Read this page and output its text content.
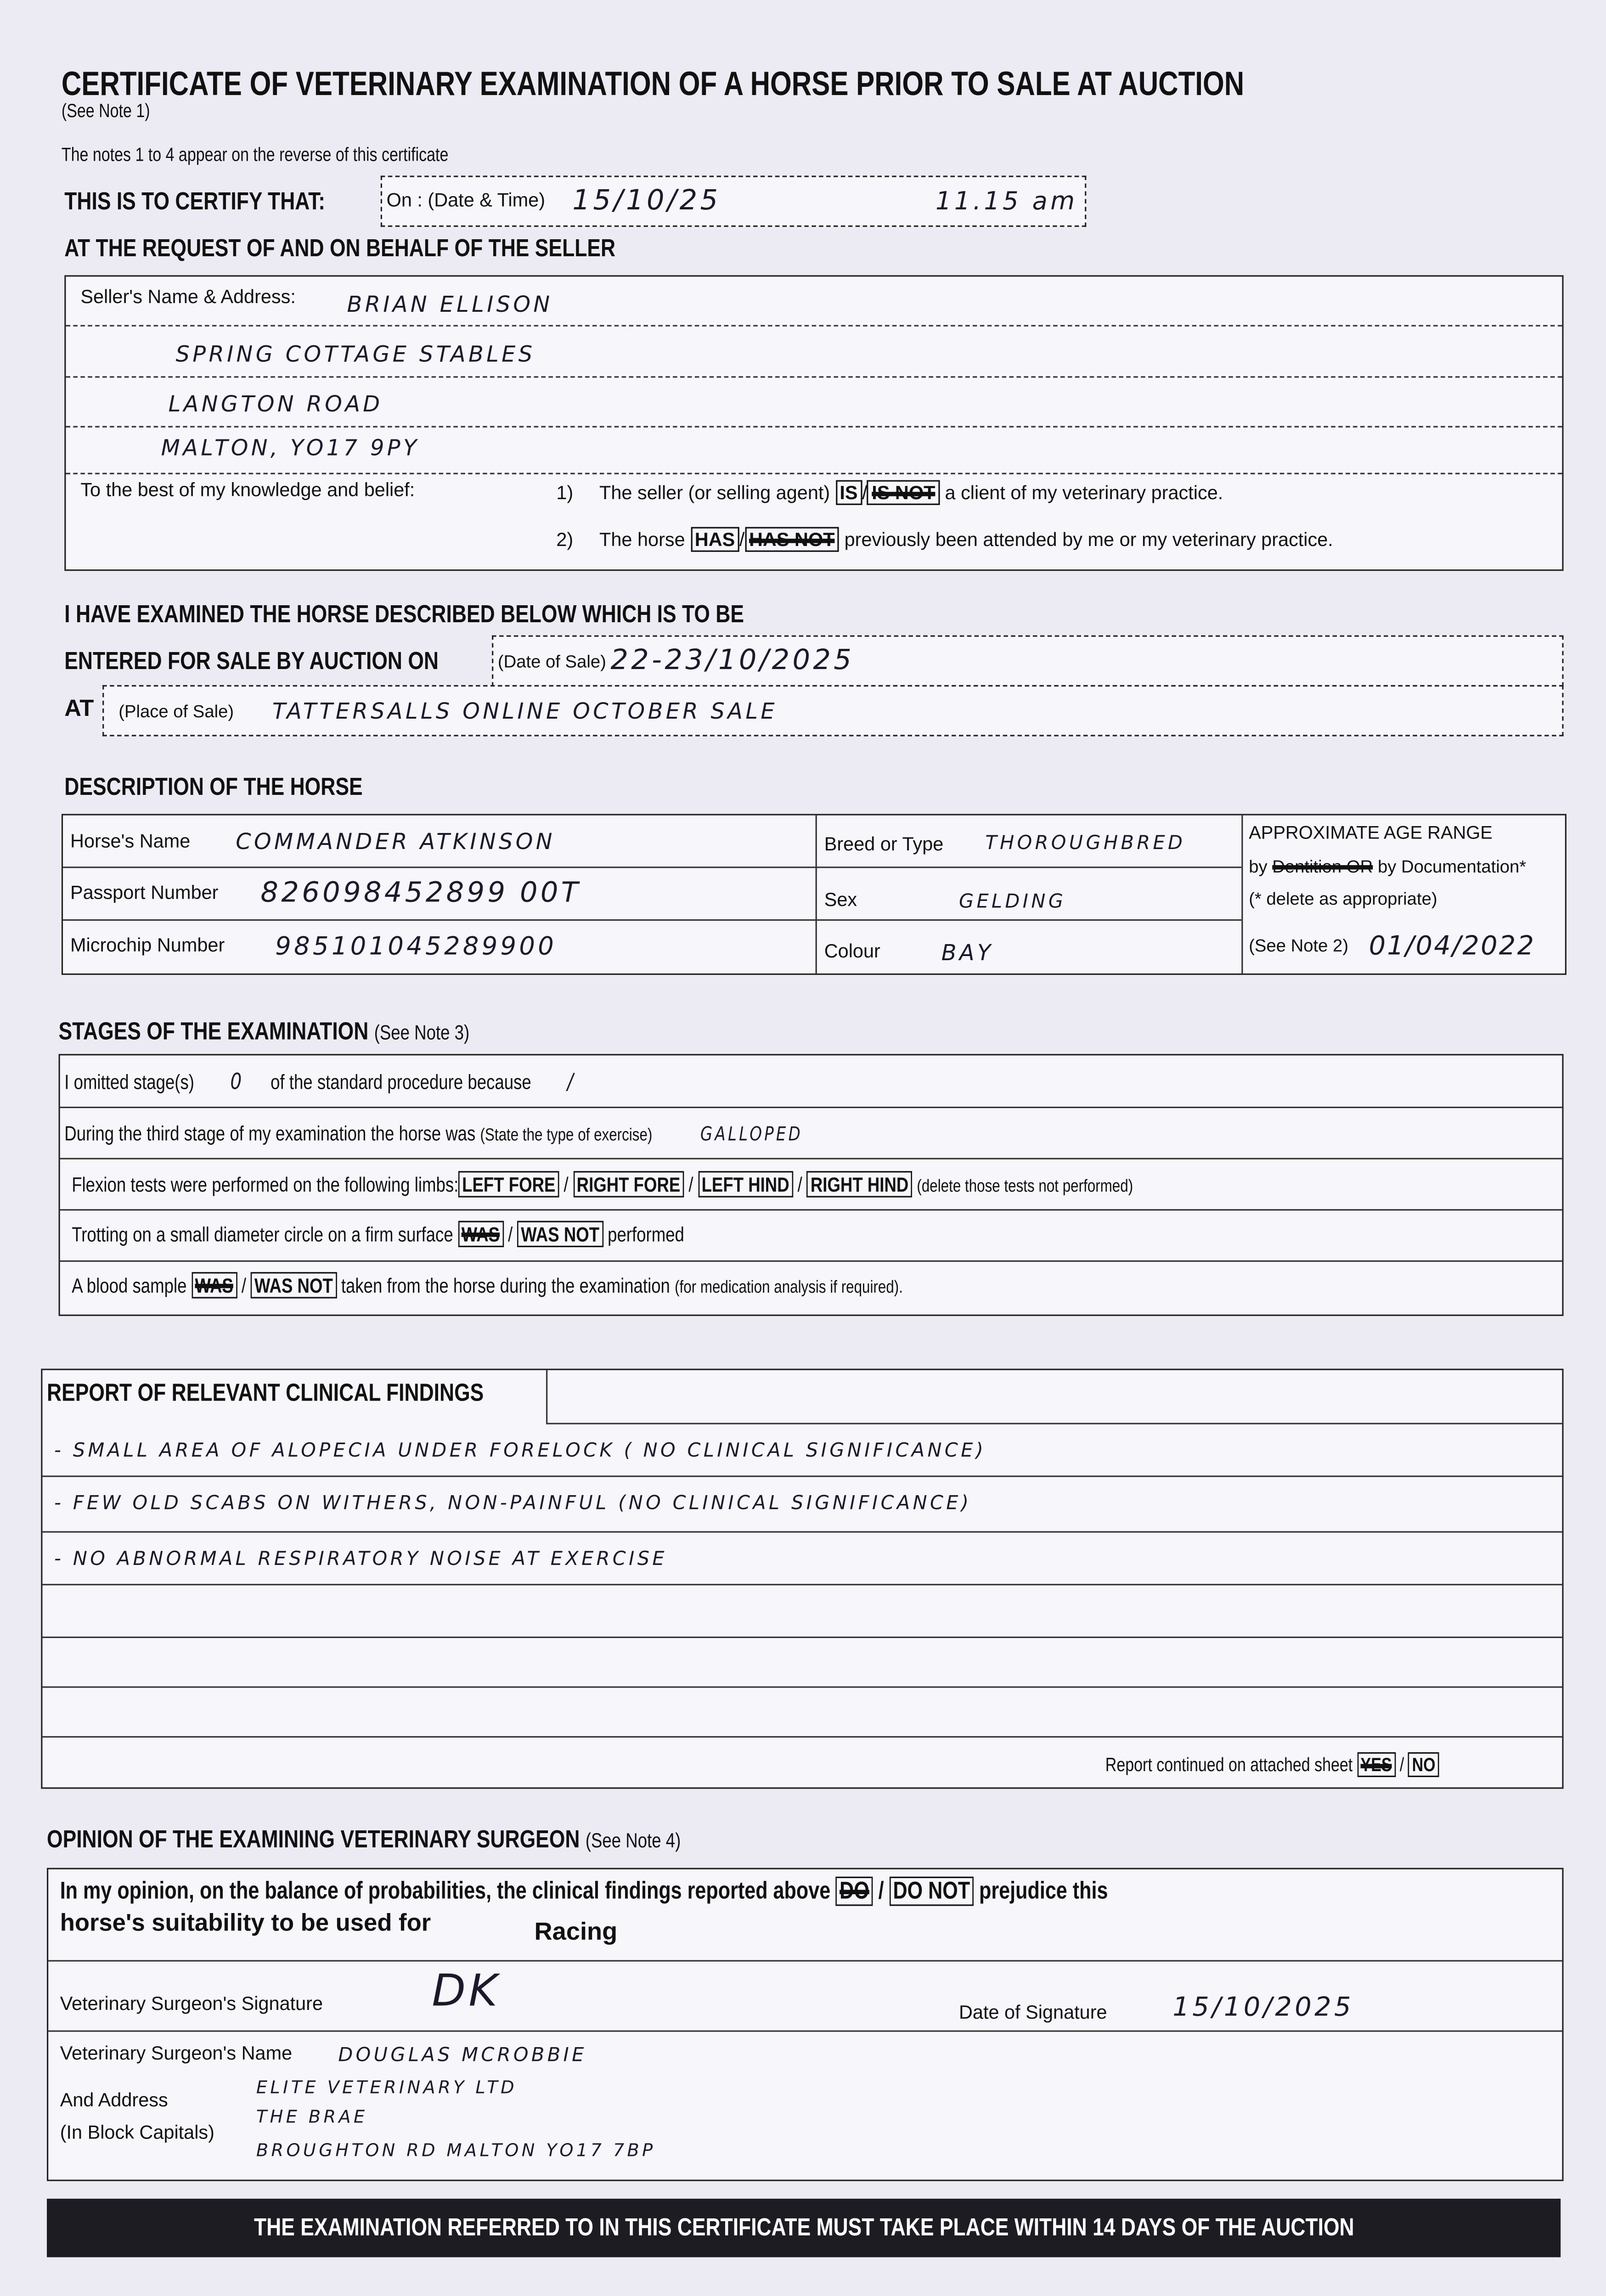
CERTIFICATE OF VETERINARY EXAMINATION OF A HORSE PRIOR TO SALE AT AUCTION
(See Note 1)
The notes 1 to 4 appear on the reverse of this certificate
THIS IS TO CERTIFY THAT:	On : (Date & Time)	15/10/25	11.15 am
AT THE REQUEST OF AND ON BEHALF OF THE SELLER
Seller's Name & Address:	BRIAN ELLISON
SPRING COTTAGE STABLES
LANGTON ROAD
MALTON, YO17 9PY
To the best of my knowledge and belief:	1)	The seller (or selling agent) IS / IS NOT a client of my veterinary practice.
2)	The horse HAS / HAS NOT previously been attended by me or my veterinary practice.
I HAVE EXAMINED THE HORSE DESCRIBED BELOW WHICH IS TO BE
ENTERED FOR SALE BY AUCTION ON	(Date of Sale) 22-23/10/2025
AT	(Place of Sale)	TATTERSALLS ONLINE OCTOBER SALE
DESCRIPTION OF THE HORSE
Horse's Name	COMMANDER ATKINSON
Passport Number	826098452899 00T
Microchip Number	985101045289900
Breed or Type	THOROUGHBRED
Sex	GELDING
Colour	BAY
APPROXIMATE AGE RANGE
by Dentition OR by Documentation*
(* delete as appropriate)
(See Note 2) 01/04/2022
STAGES OF THE EXAMINATION (See Note 3)
I omitted stage(s)	0	of the standard procedure because	/
During the third stage of my examination the horse was (State the type of exercise)	GALLOPED
Flexion tests were performed on the following limbs: LEFT FORE / RIGHT FORE / LEFT HIND / RIGHT HIND (delete those tests not performed)
Trotting on a small diameter circle on a firm surface WAS / WAS NOT performed
A blood sample WAS / WAS NOT taken from the horse during the examination (for medication analysis if required).
REPORT OF RELEVANT CLINICAL FINDINGS
- SMALL AREA OF ALOPECIA UNDER FORELOCK ( NO CLINICAL SIGNIFICANCE)
- FEW OLD SCABS ON WITHERS, NON-PAINFUL (NO CLINICAL SIGNIFICANCE)
- NO ABNORMAL RESPIRATORY NOISE AT EXERCISE
Report continued on attached sheet YES / NO
OPINION OF THE EXAMINING VETERINARY SURGEON (See Note 4)
In my opinion, on the balance of probabilities, the clinical findings reported above DO / DO NOT prejudice this
horse's suitability to be used for	Racing
Veterinary Surgeon's Signature	DK	Date of Signature	15/10/2025
Veterinary Surgeon's Name	DOUGLAS MCROBBIE
And Address
(In Block Capitals)
ELITE VETERINARY LTD
THE BRAE
BROUGHTON RD MALTON YO17 7BP
THE EXAMINATION REFERRED TO IN THIS CERTIFICATE MUST TAKE PLACE WITHIN 14 DAYS OF THE AUCTION
